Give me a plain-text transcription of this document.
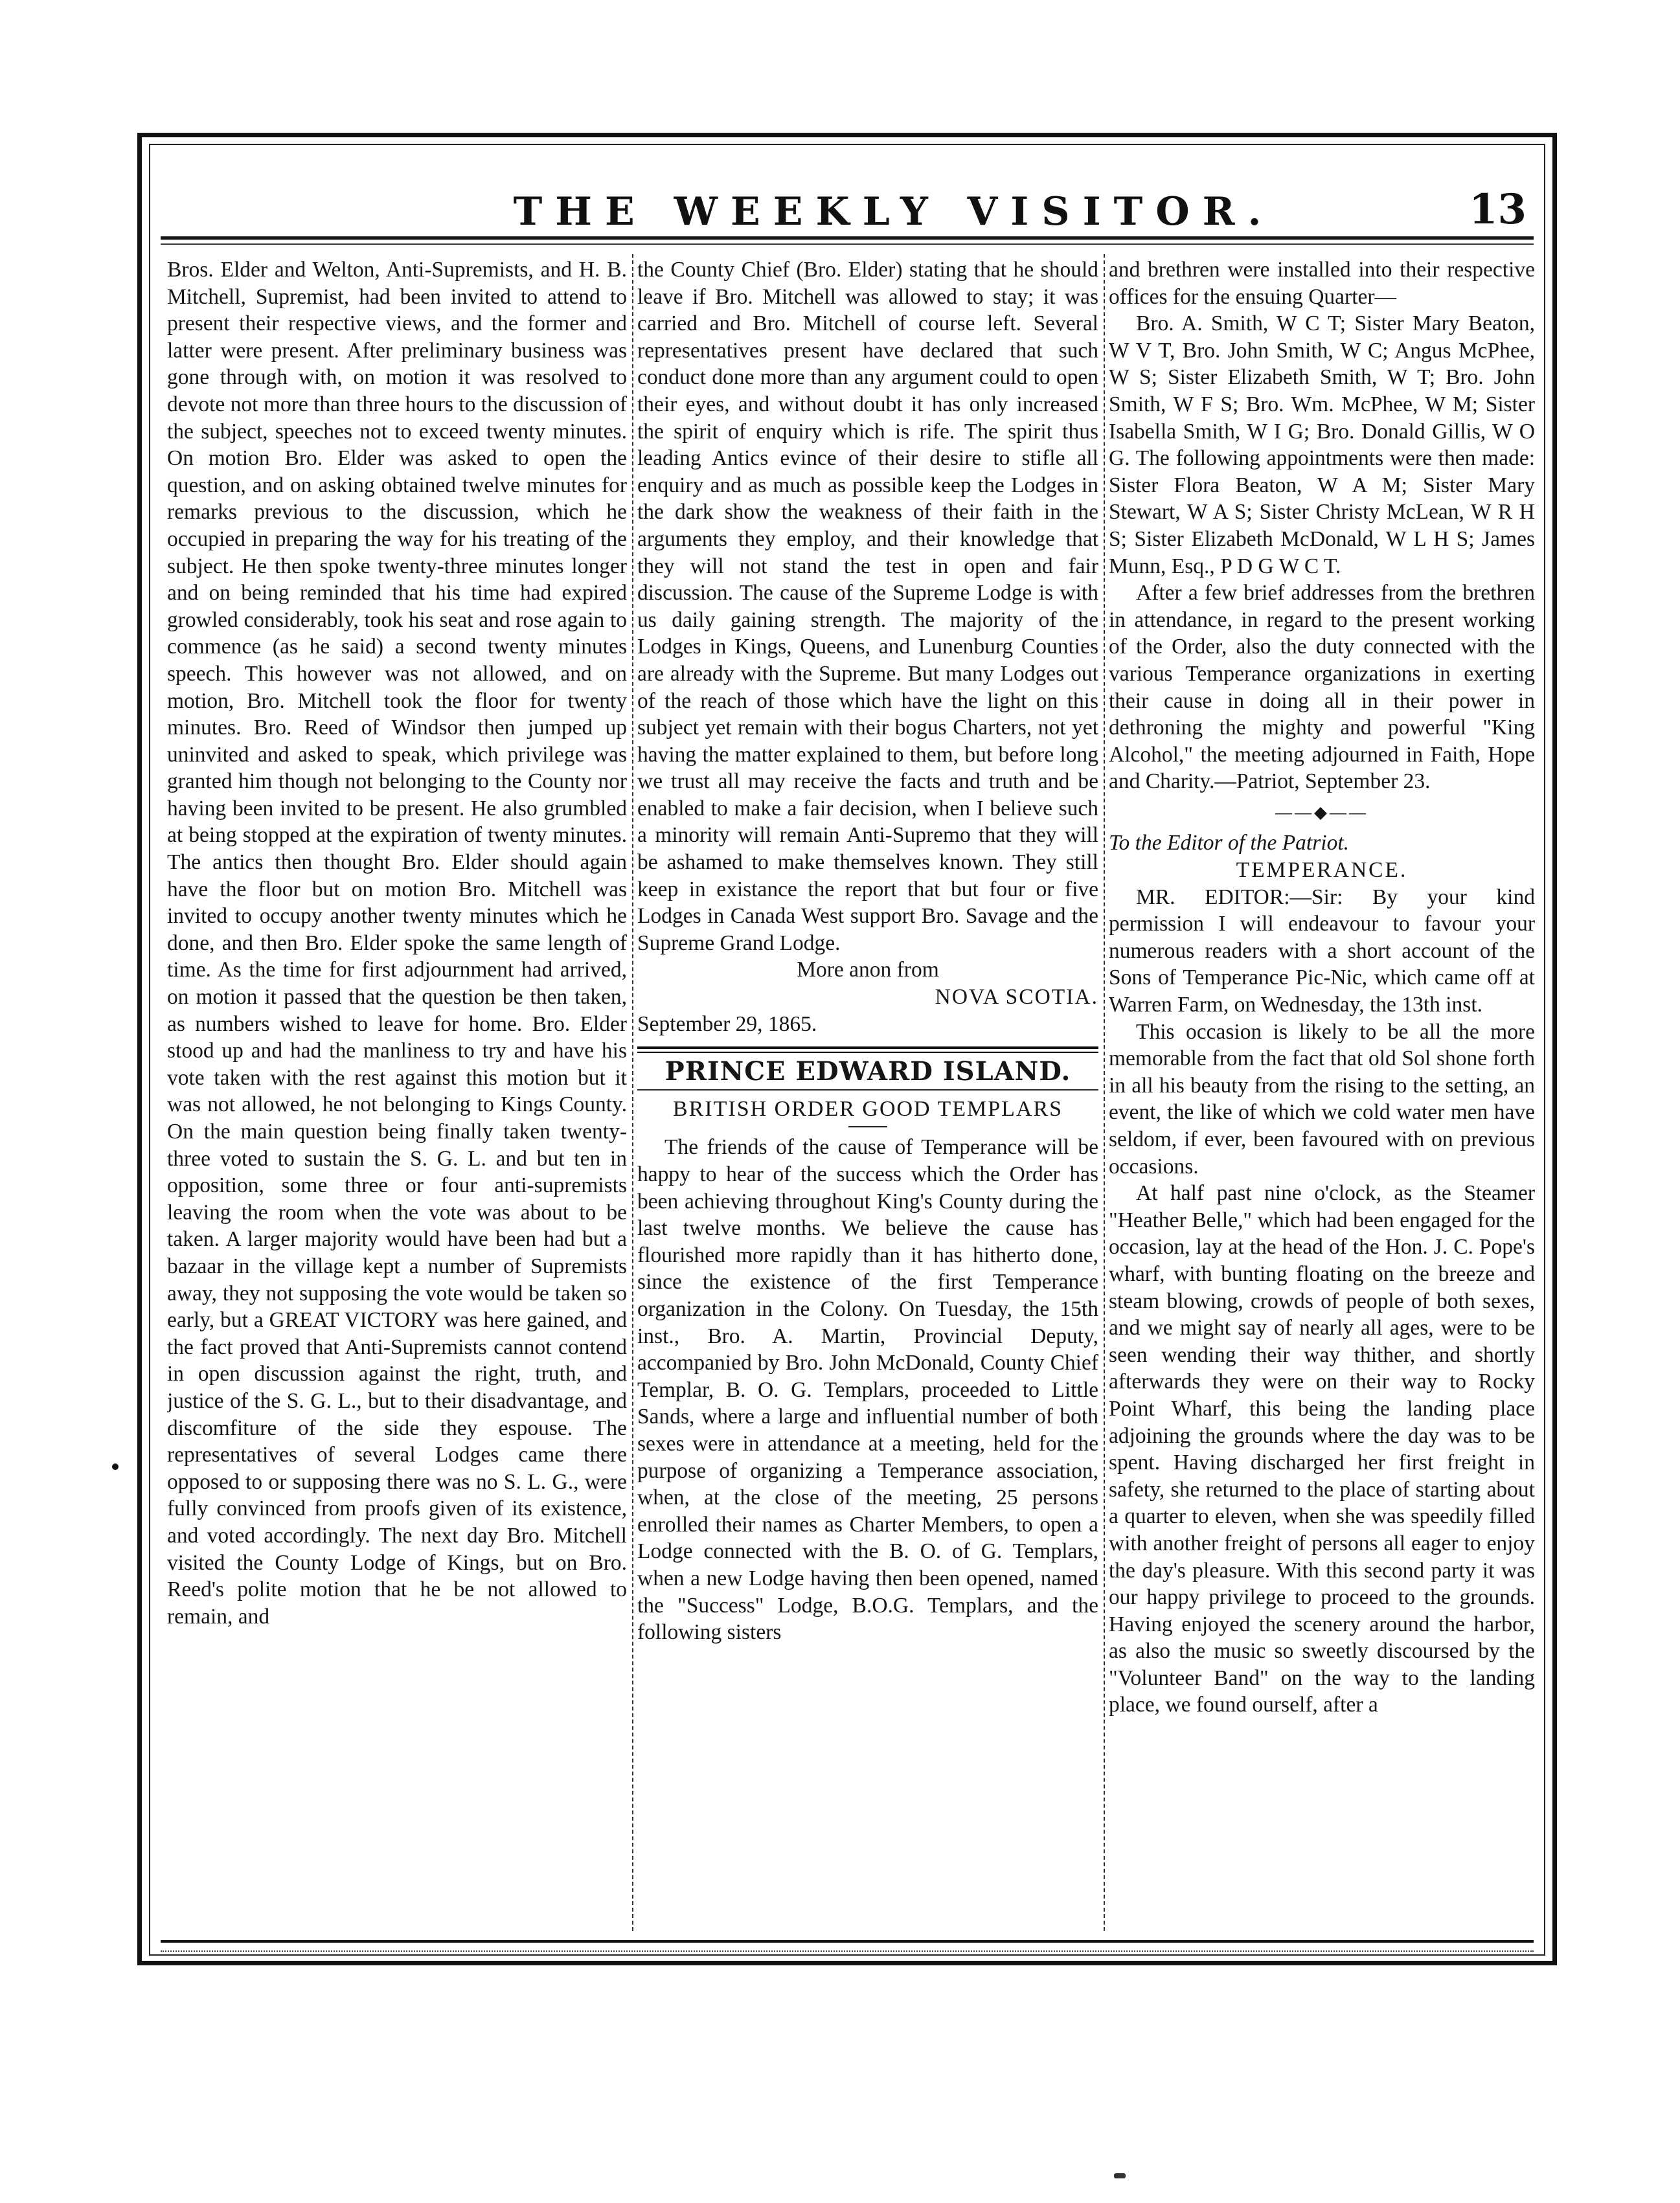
THE WEEKLY VISITOR.	13

Bros. Elder and Welton, Anti-Supremists, and H. B. Mitchell, Supremist, had been invited to attend to present their respective views, and the former and latter were present. After preliminary business was gone through with, on motion it was resolved to devote not more than three hours to the discussion of the subject, speeches not to exceed twenty minutes. On motion Bro. Elder was asked to open the question, and on asking obtained twelve minutes for remarks previous to the discussion, which he occupied in preparing the way for his treating of the subject. He then spoke twenty-three minutes longer and on being reminded that his time had expired growled considerably, took his seat and rose again to commence (as he said) a second twenty minutes speech. This however was not allowed, and on motion, Bro. Mitchell took the floor for twenty minutes. Bro. Reed of Windsor then jumped up uninvited and asked to speak, which privilege was granted him though not belonging to the County nor having been invited to be present. He also grumbled at being stopped at the expiration of twenty minutes. The antics then thought Bro. Elder should again have the floor but on motion Bro. Mitchell was invited to occupy another twenty minutes which he done, and then Bro. Elder spoke the same length of time. As the time for first adjournment had arrived, on motion it passed that the question be then taken, as numbers wished to leave for home. Bro. Elder stood up and had the manliness to try and have his vote taken with the rest against this motion but it was not allowed, he not belonging to Kings County. On the main question being finally taken twenty-three voted to sustain the S. G. L. and but ten in opposition, some three or four anti-supremists leaving the room when the vote was about to be taken. A larger majority would have been had but a bazaar in the village kept a number of Supremists away, they not supposing the vote would be taken so early, but a GREAT VICTORY was here gained, and the fact proved that Anti-Supremists cannot contend in open discussion against the right, truth, and justice of the S. G. L., but to their disadvantage, and discomfiture of the side they espouse. The representatives of several Lodges came there opposed to or supposing there was no S. L. G., were fully convinced from proofs given of its existence, and voted accordingly. The next day Bro. Mitchell visited the County Lodge of Kings, but on Bro. Reed's polite motion that he be not allowed to remain, and

the County Chief (Bro. Elder) stating that he should leave if Bro. Mitchell was allowed to stay; it was carried and Bro. Mitchell of course left. Several representatives present have declared that such conduct done more than any argument could to open their eyes, and without doubt it has only increased the spirit of enquiry which is rife. The spirit thus leading Antics evince of their desire to stifle all enquiry and as much as possible keep the Lodges in the dark show the weakness of their faith in the arguments they employ, and their knowledge that they will not stand the test in open and fair discussion. The cause of the Supreme Lodge is with us daily gaining strength. The majority of the Lodges in Kings, Queens, and Lunenburg Counties are already with the Supreme. But many Lodges out of the reach of those which have the light on this subject yet remain with their bogus Charters, not yet having the matter explained to them, but before long we trust all may receive the facts and truth and be enabled to make a fair decision, when I believe such a minority will remain Anti-Supremo that they will be ashamed to make themselves known. They still keep in existance the report that but four or five Lodges in Canada West support Bro. Savage and the Supreme Grand Lodge.

More anon from

NOVA SCOTIA.

September 29, 1865.

PRINCE EDWARD ISLAND.
BRITISH ORDER GOOD TEMPLARS

The friends of the cause of Temperance will be happy to hear of the success which the Order has been achieving throughout King's County during the last twelve months. We believe the cause has flourished more rapidly than it has hitherto done, since the existence of the first Temperance organization in the Colony. On Tuesday, the 15th inst., Bro. A. Martin, Provincial Deputy, accompanied by Bro. John McDonald, County Chief Templar, B. O. G. Templars, proceeded to Little Sands, where a large and influential number of both sexes were in attendance at a meeting, held for the purpose of organizing a Temperance association, when, at the close of the meeting, 25 persons enrolled their names as Charter Members, to open a Lodge connected with the B. O. of G. Templars, when a new Lodge having then been opened, named the "Success" Lodge, B.O.G. Templars, and the following sisters

and brethren were installed into their respective offices for the ensuing Quarter—

Bro. A. Smith, W C T; Sister Mary Beaton, W V T, Bro. John Smith, W C; Angus McPhee, W S; Sister Elizabeth Smith, W T; Bro. John Smith, W F S; Bro. Wm. McPhee, W M; Sister Isabella Smith, W I G; Bro. Donald Gillis, W O G. The following appointments were then made: Sister Flora Beaton, W A M; Sister Mary Stewart, W A S; Sister Christy McLean, W R H S; Sister Elizabeth McDonald, W L H S; James Munn, Esq., P D G W C T.

After a few brief addresses from the brethren in attendance, in regard to the present working of the Order, also the duty connected with the various Temperance organizations in exerting their cause in doing all in their power in dethroning the mighty and powerful "King Alcohol," the meeting adjourned in Faith, Hope and Charity.—Patriot, September 23.

——◆——

To the Editor of the Patriot.

TEMPERANCE.

MR. EDITOR:—Sir: By your kind permission I will endeavour to favour your numerous readers with a short account of the Sons of Temperance Pic-Nic, which came off at Warren Farm, on Wednesday, the 13th inst.

This occasion is likely to be all the more memorable from the fact that old Sol shone forth in all his beauty from the rising to the setting, an event, the like of which we cold water men have seldom, if ever, been favoured with on previous occasions.

At half past nine o'clock, as the Steamer "Heather Belle," which had been engaged for the occasion, lay at the head of the Hon. J. C. Pope's wharf, with bunting floating on the breeze and steam blowing, crowds of people of both sexes, and we might say of nearly all ages, were to be seen wending their way thither, and shortly afterwards they were on their way to Rocky Point Wharf, this being the landing place adjoining the grounds where the day was to be spent. Having discharged her first freight in safety, she returned to the place of starting about a quarter to eleven, when she was speedily filled with another freight of persons all eager to enjoy the day's pleasure. With this second party it was our happy privilege to proceed to the grounds. Having enjoyed the scenery around the harbor, as also the music so sweetly discoursed by the "Volunteer Band" on the way to the landing place, we found ourself, after a
